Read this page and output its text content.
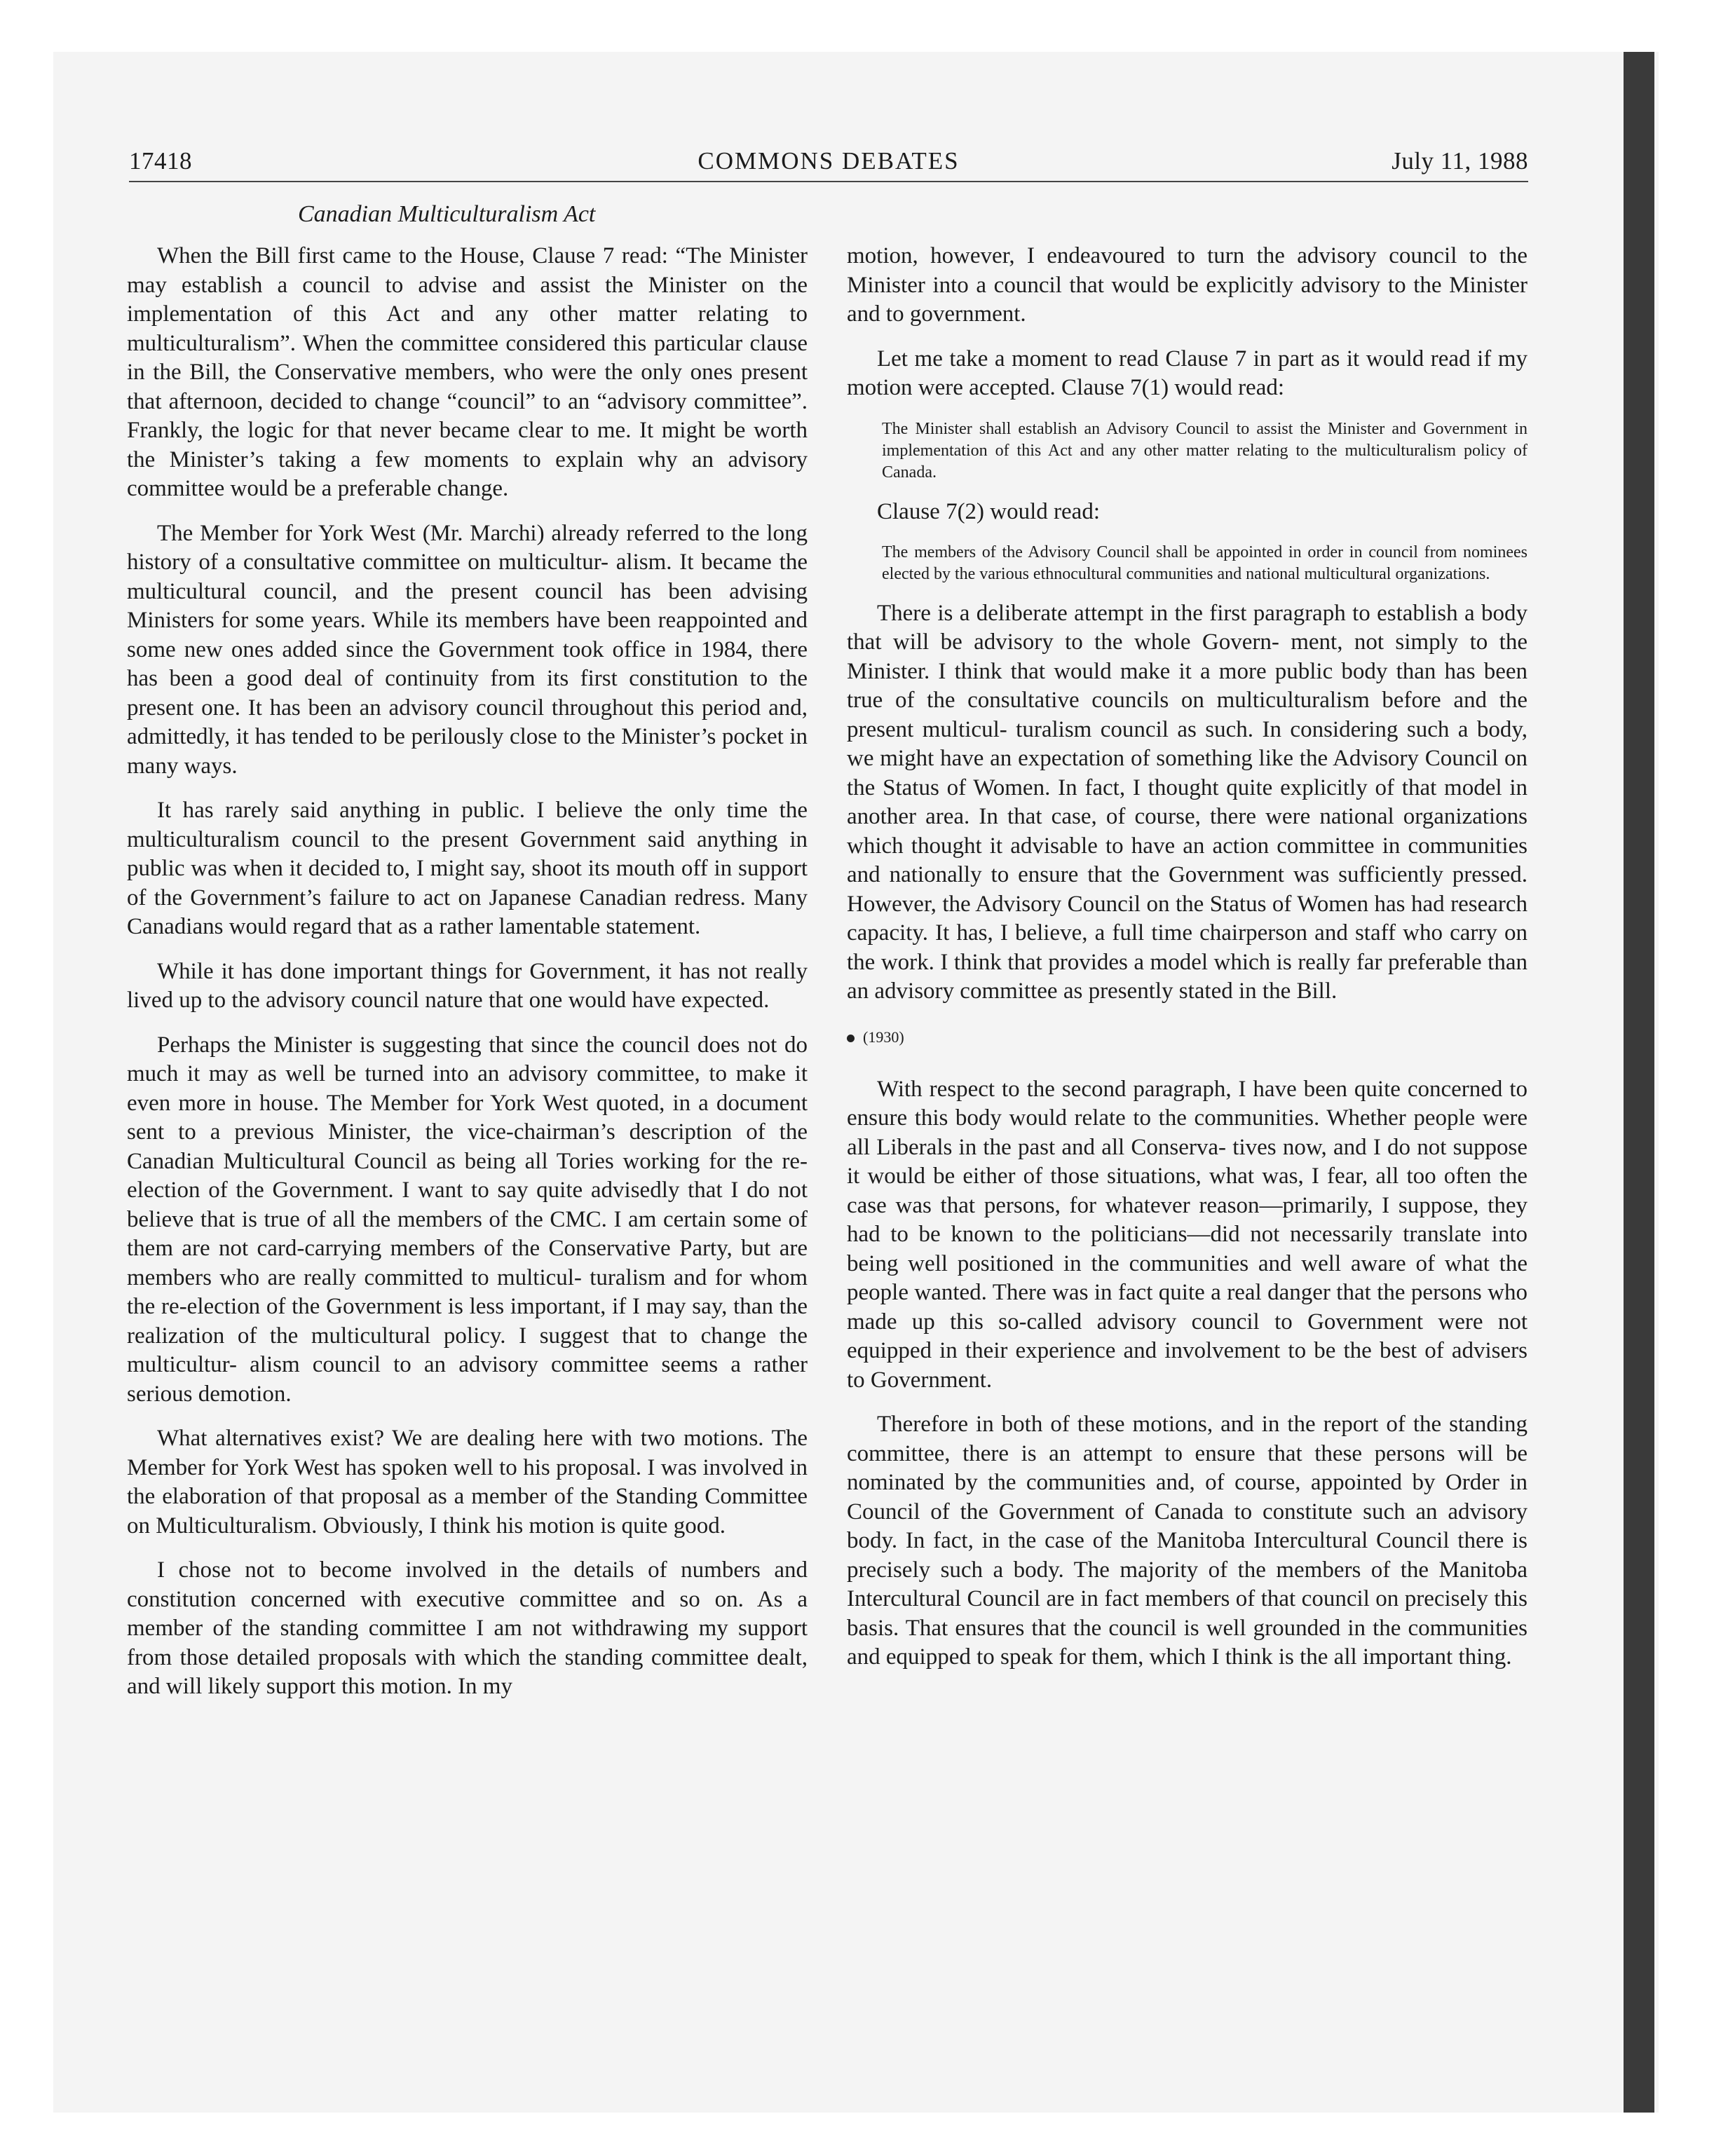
17418	COMMONS DEBATES	July 11, 1988
Canadian Multiculturalism Act

When the Bill first came to the House, Clause 7 read: “The Minister may establish a council to advise and assist the Minister on the implementation of this Act and any other matter relating to multiculturalism”. When the committee considered this particular clause in the Bill, the Conservative members, who were the only ones present that afternoon, decided to change “council” to an “advisory committee”. Frankly, the logic for that never became clear to me. It might be worth the Minister’s taking a few moments to explain why an advisory committee would be a preferable change.

The Member for York West (Mr. Marchi) already referred to the long history of a consultative committee on multicultur- alism. It became the multicultural council, and the present council has been advising Ministers for some years. While its members have been reappointed and some new ones added since the Government took office in 1984, there has been a good deal of continuity from its first constitution to the present one. It has been an advisory council throughout this period and, admittedly, it has tended to be perilously close to the Minister’s pocket in many ways.

It has rarely said anything in public. I believe the only time the multiculturalism council to the present Government said anything in public was when it decided to, I might say, shoot its mouth off in support of the Government’s failure to act on Japanese Canadian redress. Many Canadians would regard that as a rather lamentable statement.

While it has done important things for Government, it has not really lived up to the advisory council nature that one would have expected.

Perhaps the Minister is suggesting that since the council does not do much it may as well be turned into an advisory committee, to make it even more in house. The Member for York West quoted, in a document sent to a previous Minister, the vice-chairman’s description of the Canadian Multicultural Council as being all Tories working for the re-election of the Government. I want to say quite advisedly that I do not believe that is true of all the members of the CMC. I am certain some of them are not card-carrying members of the Conservative Party, but are members who are really committed to multicul- turalism and for whom the re-election of the Government is less important, if I may say, than the realization of the multicultural policy. I suggest that to change the multicultur- alism council to an advisory committee seems a rather serious demotion.

What alternatives exist? We are dealing here with two motions. The Member for York West has spoken well to his proposal. I was involved in the elaboration of that proposal as a member of the Standing Committee on Multiculturalism. Obviously, I think his motion is quite good.

I chose not to become involved in the details of numbers and constitution concerned with executive committee and so on. As a member of the standing committee I am not withdrawing my support from those detailed proposals with which the standing committee dealt, and will likely support this motion. In my

motion, however, I endeavoured to turn the advisory council to the Minister into a council that would be explicitly advisory to the Minister and to government.

Let me take a moment to read Clause 7 in part as it would read if my motion were accepted. Clause 7(1) would read:

The Minister shall establish an Advisory Council to assist the Minister and Government in implementation of this Act and any other matter relating to the multiculturalism policy of Canada.
Clause 7(2) would read:
The members of the Advisory Council shall be appointed in order in council from nominees elected by the various ethnocultural communities and national multicultural organizations.

There is a deliberate attempt in the first paragraph to establish a body that will be advisory to the whole Govern- ment, not simply to the Minister. I think that would make it a more public body than has been true of the consultative councils on multiculturalism before and the present multicul- turalism council as such. In considering such a body, we might have an expectation of something like the Advisory Council on the Status of Women. In fact, I thought quite explicitly of that model in another area. In that case, of course, there were national organizations which thought it advisable to have an action committee in communities and nationally to ensure that the Government was sufficiently pressed. However, the Advisory Council on the Status of Women has had research capacity. It has, I believe, a full time chairperson and staff who carry on the work. I think that provides a model which is really far preferable than an advisory committee as presently stated in the Bill.

(1930)

With respect to the second paragraph, I have been quite concerned to ensure this body would relate to the communities. Whether people were all Liberals in the past and all Conserva- tives now, and I do not suppose it would be either of those situations, what was, I fear, all too often the case was that persons, for whatever reason—primarily, I suppose, they had to be known to the politicians—did not necessarily translate into being well positioned in the communities and well aware of what the people wanted. There was in fact quite a real danger that the persons who made up this so-called advisory council to Government were not equipped in their experience and involvement to be the best of advisers to Government.

Therefore in both of these motions, and in the report of the standing committee, there is an attempt to ensure that these persons will be nominated by the communities and, of course, appointed by Order in Council of the Government of Canada to constitute such an advisory body. In fact, in the case of the Manitoba Intercultural Council there is precisely such a body. The majority of the members of the Manitoba Intercultural Council are in fact members of that council on precisely this basis. That ensures that the council is well grounded in the communities and equipped to speak for them, which I think is the all important thing.
